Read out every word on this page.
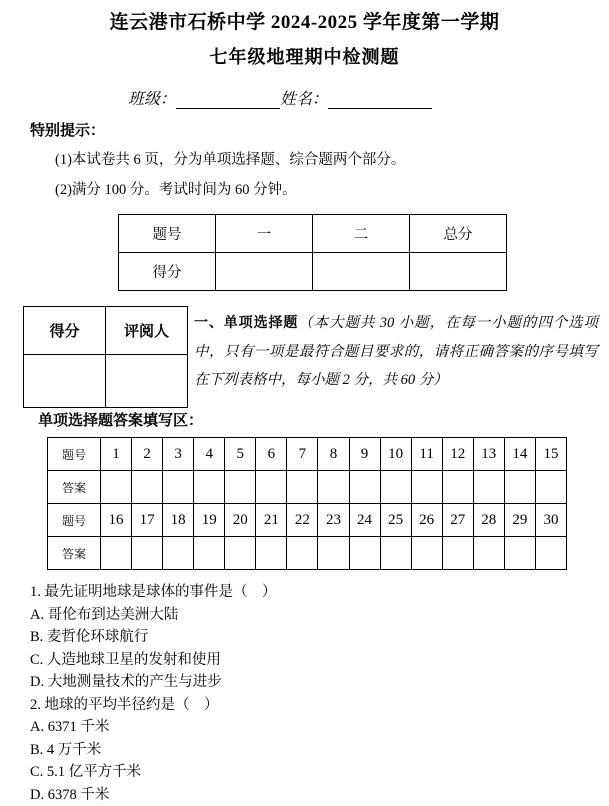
连云港市石桥中学 2024-2025 学年度第一学期
七年级地理期中检测题
班级：	姓名：
特别提示：
(1)本试卷共 6 页，分为单项选择题、综合题两个部分。
(2)满分 100 分。考试时间为 60 分钟。
题号	一	二	总分
得分			
得分	评阅人

一、单项选择题（本大题共 30 小题，在每一小题的四个选项中，只有一项是最符合题目要求的，请将正确答案的序号填写在下列表格中，每小题 2 分，共 60 分）
单项选择题答案填写区：
题号	1	2	3	4	5	6	7	8	9	10	11	12	13	14	15
答案															
题号	16	17	18	19	20	21	22	23	24	25	26	27	28	29	30
答案															
1. 最先证明地球是球体的事件是（　）
A. 哥伦布到达美洲大陆
B. 麦哲伦环球航行
C. 人造地球卫星的发射和使用
D. 大地测量技术的产生与进步
2. 地球的平均半径约是（　）
A. 6371 千米
B. 4 万千米
C. 5.1 亿平方千米
D. 6378 千米
